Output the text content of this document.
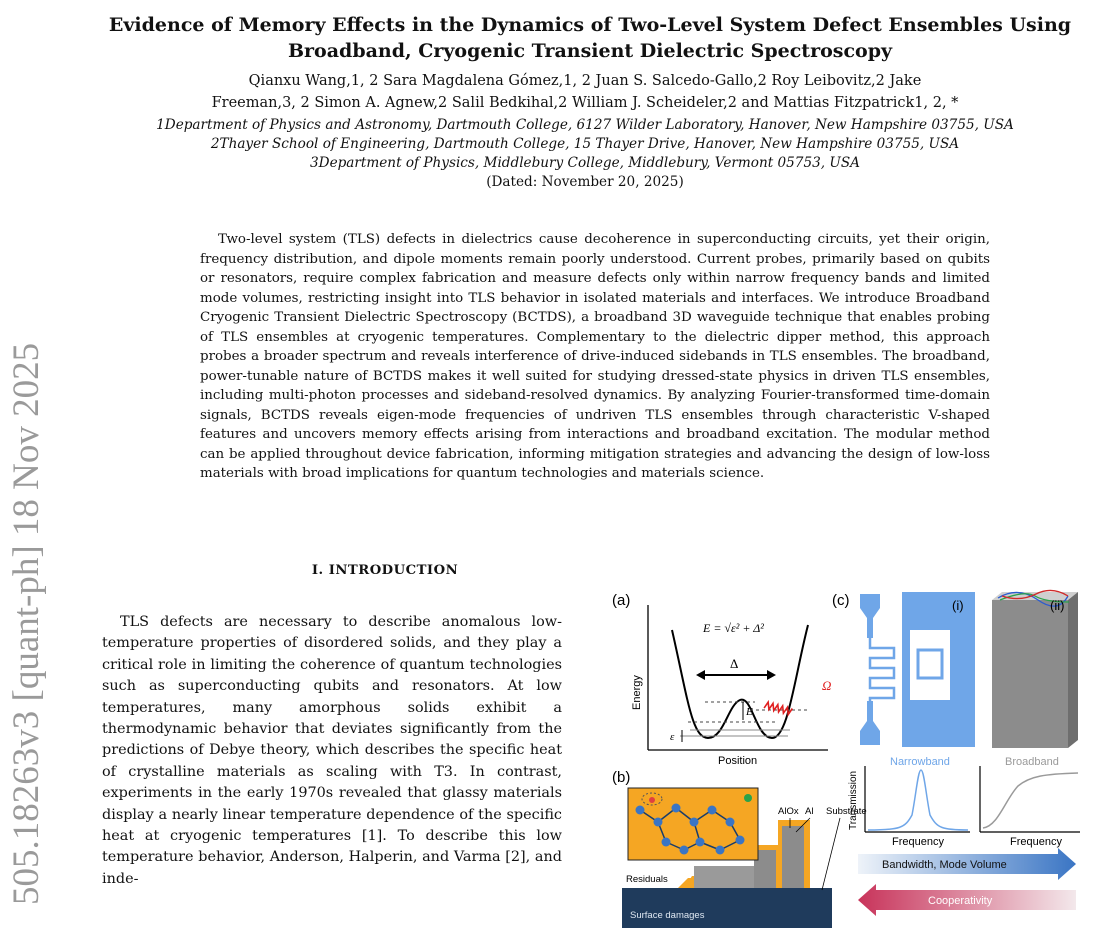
505.18263v3 [quant-ph] 18 Nov 2025
Evidence of Memory Effects in the Dynamics of Two-Level System Defect Ensembles Using Broadband, Cryogenic Transient Dielectric Spectroscopy
Qianxu Wang,1, 2 Sara Magdalena Gómez,1, 2 Juan S. Salcedo-Gallo,2 Roy Leibovitz,2 Jake
Freeman,3, 2 Simon A. Agnew,2 Salil Bedkihal,2 William J. Scheideler,2 and Mattias Fitzpatrick1, 2, *
1Department of Physics and Astronomy, Dartmouth College, 6127 Wilder Laboratory, Hanover, New Hampshire 03755, USA
2Thayer School of Engineering, Dartmouth College, 15 Thayer Drive, Hanover, New Hampshire 03755, USA
3Department of Physics, Middlebury College, Middlebury, Vermont 05753, USA
(Dated: November 20, 2025)
Two-level system (TLS) defects in dielectrics cause decoherence in superconducting circuits, yet their origin, frequency distribution, and dipole moments remain poorly understood. Current probes, primarily based on qubits or resonators, require complex fabrication and measure defects only within narrow frequency bands and limited mode volumes, restricting insight into TLS behavior in isolated materials and interfaces. We introduce Broadband Cryogenic Transient Dielectric Spectroscopy (BCTDS), a broadband 3D waveguide technique that enables probing of TLS ensembles at cryogenic temperatures. Complementary to the dielectric dipper method, this approach probes a broader spectrum and reveals interference of drive-induced sidebands in TLS ensembles. The broadband, power-tunable nature of BCTDS makes it well suited for studying dressed-state physics in driven TLS ensembles, including multi-photon processes and sideband-resolved dynamics. By analyzing Fourier-transformed time-domain signals, BCTDS reveals eigen-mode frequencies of undriven TLS ensembles through characteristic V-shaped features and uncovers memory effects arising from interactions and broadband excitation. The modular method can be applied throughout device fabrication, informing mitigation strategies and advancing the design of low-loss materials with broad implications for quantum technologies and materials science.
I. INTRODUCTION
TLS defects are necessary to describe anomalous low-temperature properties of disordered solids, and they play a critical role in limiting the coherence of quantum technologies such as superconducting qubits and resonators. At low temperatures, many amorphous solids exhibit a thermodynamic behavior that deviates significantly from the predictions of Debye theory, which describes the specific heat of crystalline materials as scaling with T3. In contrast, experiments in the early 1970s revealed that glassy materials display a nearly linear temperature dependence of the specific heat at cryogenic temperatures [1]. To describe this low temperature behavior, Anderson, Halperin, and Varma [2], and inde-
(a)
E = √ε² + Δ²
Δ
Ω
E
ε
Energy
Position
(b)
AlOx Al Substrate
Residuals
Surface damages
(c)	(i)	(ii)
Narrowband	Broadband
Transmission
Frequency	Frequency
Bandwidth, Mode Volume
Cooperativity
